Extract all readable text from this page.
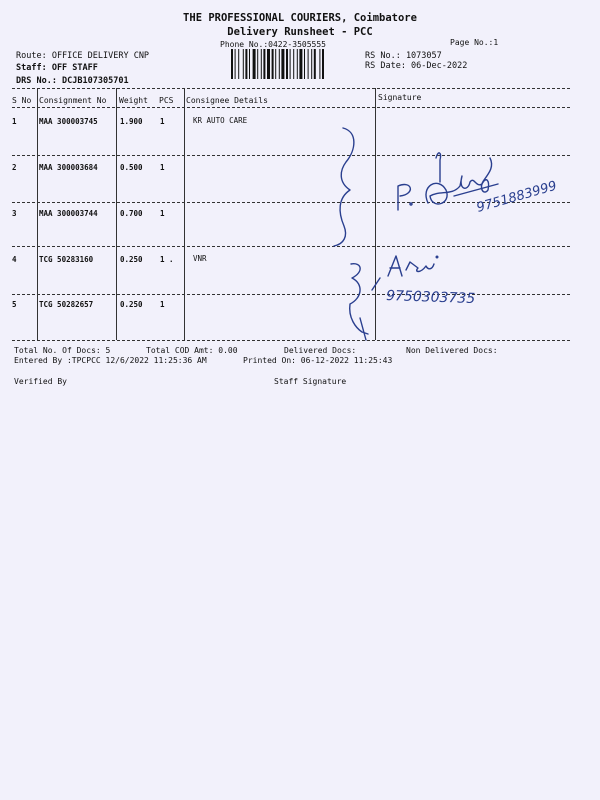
THE PROFESSIONAL COURIERS, Coimbatore
Delivery Runsheet - PCC
Phone No.:0422-3505555	Page No.:1
Route: OFFICE DELIVERY CNP
Staff: OFF STAFF
DRS No.: DCJB107305701
RS No.: 1073057
RS Date: 06-Dec-2022
S No Consignment No Weight PCS Consignee Details	Signature
1	MAA 300003745	1.900 1	KR AUTO CARE
2	MAA 300003684	0.500 1
3	MAA 300003744	0.700 1
4	TCG 50283160	0.250 1 .	VNR
5	TCG 50282657	0.250 1
9751883999
9750303735
Total No. Of Docs: 5	Total COD Amt: 0.00	Delivered Docs:	Non Delivered Docs:
Entered By :TPCPCC 12/6/2022 11:25:36 AM	Printed On: 06-12-2022 11:25:43
Verified By	Staff Signature
